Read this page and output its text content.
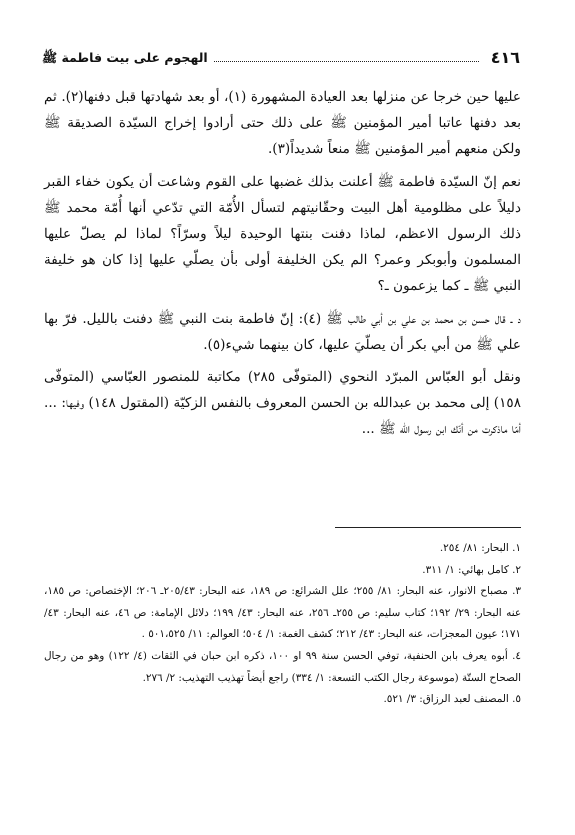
٤١٦
الهجوم على بيت فاطمة ﷺ

عليها حين خرجا عن منزلها بعد العيادة المشهورة (١)، أو بعد شهادتها قبل دفنها(٢). ثم بعد دفنها عاتبا أمير المؤمنين ﷺ على ذلك حتى أرادوا إخراج السيّدة الصديقة ﷺ ولكن منعهم أمير المؤمنين ﷺ منعاً شديداً(٣).

نعم إنّ السيّدة فاطمة ﷺ أعلنت بذلك غضبها على القوم وشاعت أن يكون خفاء القبر دليلاً على مظلومية أهل البيت وحقّانيتهم لتسأل الأُمّة التي تدّعي أنها أُمّة محمد ﷺ ذلك الرسول الاعظم، لماذا دفنت بنتها الوحيدة ليلاً وسرّاً؟ لماذا لم يصلّ عليها المسلمون وأبوبكر وعمر؟ الم يكن الخليفة أولى بأن يصلّي عليها إذا كان هو خليفة النبي ﷺ ـ كما يزعمون ـ؟

د ـ قال حسن بن محمد بن علي بن أبي طالب ﷺ (٤): إنّ فاطمة بنت النبي ﷺ دفنت بالليل. فرّ بها علي ﷺ من أبي بكر أن يصلّيَ عليها، كان بينهما شيء(٥).

ونقل أبو العبّاس المبرّد النحوي (المتوفّى ٢٨٥) مكاتبة للمنصور العبّاسي (المتوفّى ١٥٨) إلى محمد بن عبدالله بن الحسن المعروف بالنفس الزكيّة (المقتول ١٤٨) وفيها: ... أمّا ماذكرت من أنّك ابن رسول الله ﷺ ...

١. البحار: ٨١/ ٢٥٤.

٢. كامل بهائي: ١/ ٣١١.

٣. مصباح الانوار، عنه البحار: ٨١/ ٢٥٥؛ علل الشرائع: ص ١٨٩، عنه البحار: ٢٠٥/٤٣ـ ٢٠٦؛ الإختصاص: ص ١٨٥، عنه البحار: ٢٩/ ١٩٢؛ كتاب سليم: ص ٢٥٥ـ ٢٥٦، عنه البحار: ٤٣/ ١٩٩؛ دلائل الإمامة: ص ٤٦، عنه البحار: ٤٣/ ١٧١؛ عيون المعجزات، عنه البحار: ٤٣/ ٢١٢؛ كشف الغمة: ١/ ٥٠٤؛ العوالم: ١١/ ٥٠١،٥٢٥ .

٤. أبوه يعرف بابن الحنفية، توفي الحسن سنة ٩٩ او ١٠٠، ذكره ابن حبان في الثقات (٤/ ١٢٢) وهو من رجال الصحاح الستّة (موسوعة رجال الكتب التسعة: ١/ ٣٣٤) راجع أيضاً تهذيب التهذيب: ٢/ ٢٧٦.

٥. المصنف لعبد الرزاق: ٣/ ٥٢١.
